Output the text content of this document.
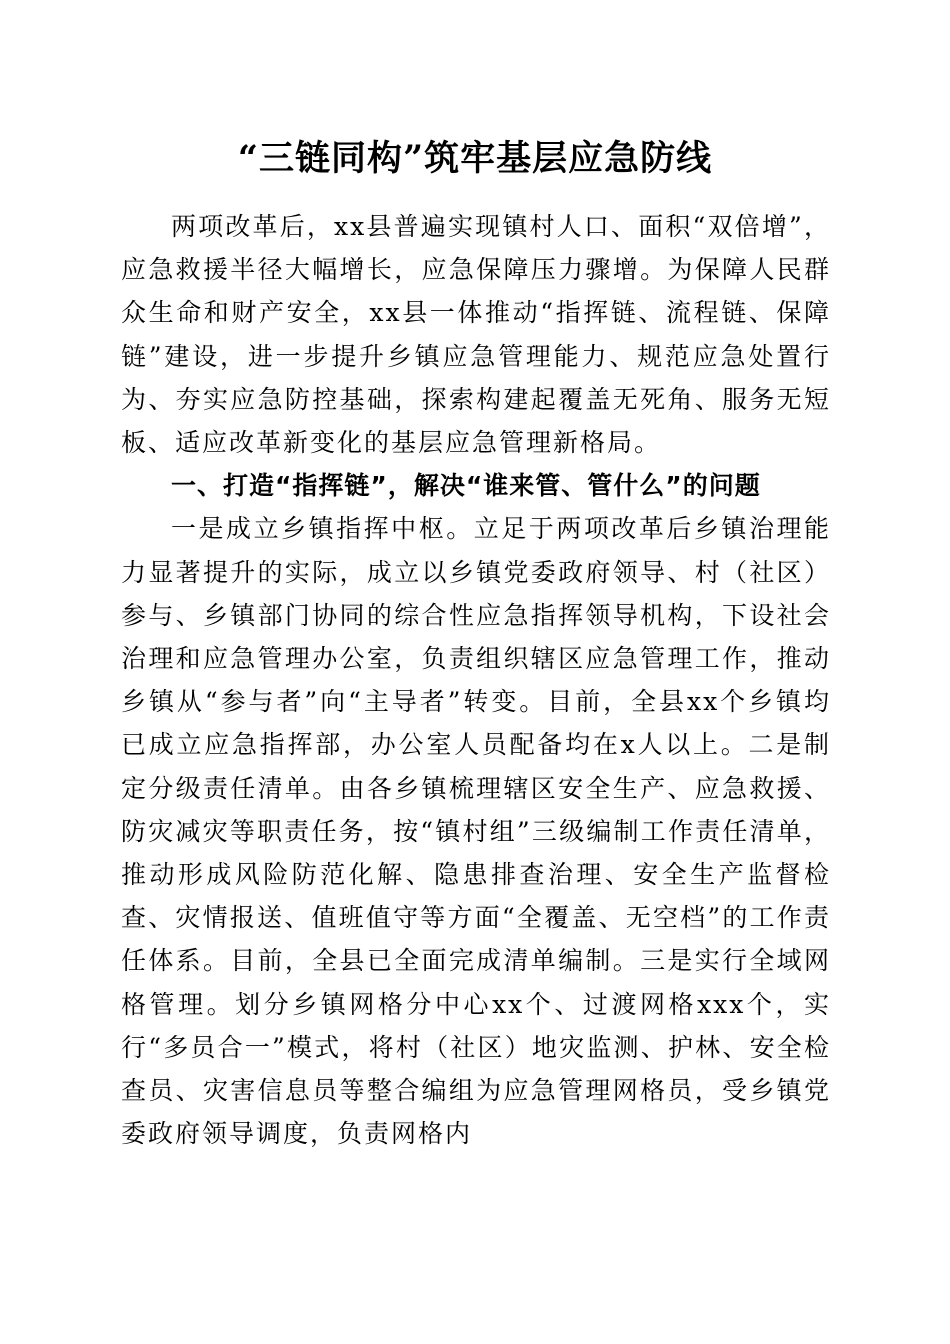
“三链同构”筑牢基层应急防线

两项改革后，xx县普遍实现镇村人口、面积“双倍增”，应急救援半径大幅增长，应急保障压力骤增。为保障人民群众生命和财产安全，xx县一体推动“指挥链、流程链、保障链”建设，进一步提升乡镇应急管理能力、规范应急处置行为、夯实应急防控基础，探索构建起覆盖无死角、服务无短板、适应改革新变化的基层应急管理新格局。

一、打造“指挥链”，解决“谁来管、管什么”的问题

一是成立乡镇指挥中枢。立足于两项改革后乡镇治理能力显著提升的实际，成立以乡镇党委政府领导、村（社区）参与、乡镇部门协同的综合性应急指挥领导机构，下设社会治理和应急管理办公室，负责组织辖区应急管理工作，推动乡镇从“参与者”向“主导者”转变。目前，全县xx个乡镇均已成立应急指挥部，办公室人员配备均在x人以上。二是制定分级责任清单。由各乡镇梳理辖区安全生产、应急救援、防灾减灾等职责任务，按“镇村组”三级编制工作责任清单，推动形成风险防范化解、隐患排查治理、安全生产监督检查、灾情报送、值班值守等方面“全覆盖、无空档”的工作责任体系。目前，全县已全面完成清单编制。三是实行全域网格管理。划分乡镇网格分中心xx个、过渡网格xxx个，实行“多员合一”模式，将村（社区）地灾监测、护林、安全检查员、灾害信息员等整合编组为应急管理网格员，受乡镇党委政府领导调度，负责网格内
